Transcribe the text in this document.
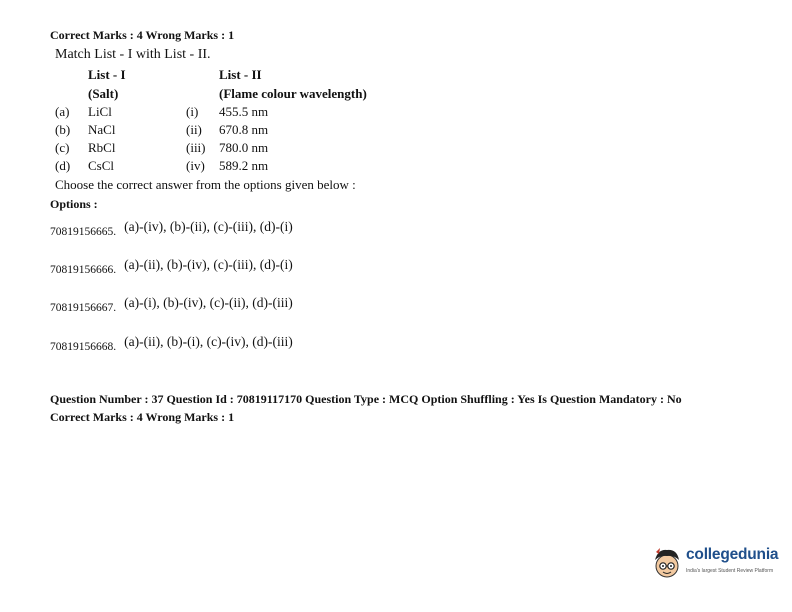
Correct Marks : 4 Wrong Marks : 1
Match List - I with List - II.
List - I	List - II
(Salt)	(Flame colour wavelength)
(a) LiCl	(i) 455.5 nm
(b) NaCl	(ii) 670.8 nm
(c) RbCl	(iii) 780.0 nm
(d) CsCl	(iv) 589.2 nm
Choose the correct answer from the options given below :
Options :
$_{70819156665.}$ (a)-(iv), (b)-(ii), (c)-(iii), (d)-(i)
$_{70819156666.}$ (a)-(ii), (b)-(iv), (c)-(iii), (d)-(i)
$_{70819156667.}$ (a)-(i), (b)-(iv), (c)-(ii), (d)-(iii)
$_{70819156668.}$ (a)-(ii), (b)-(i), (c)-(iv), (d)-(iii)
Question Number : 37 Question Id : 70819117170 Question Type : MCQ Option Shuffling : Yes Is Question Mandatory : No
Correct Marks : 4 Wrong Marks : 1
collegedunia
India's largest Student Review Platform
